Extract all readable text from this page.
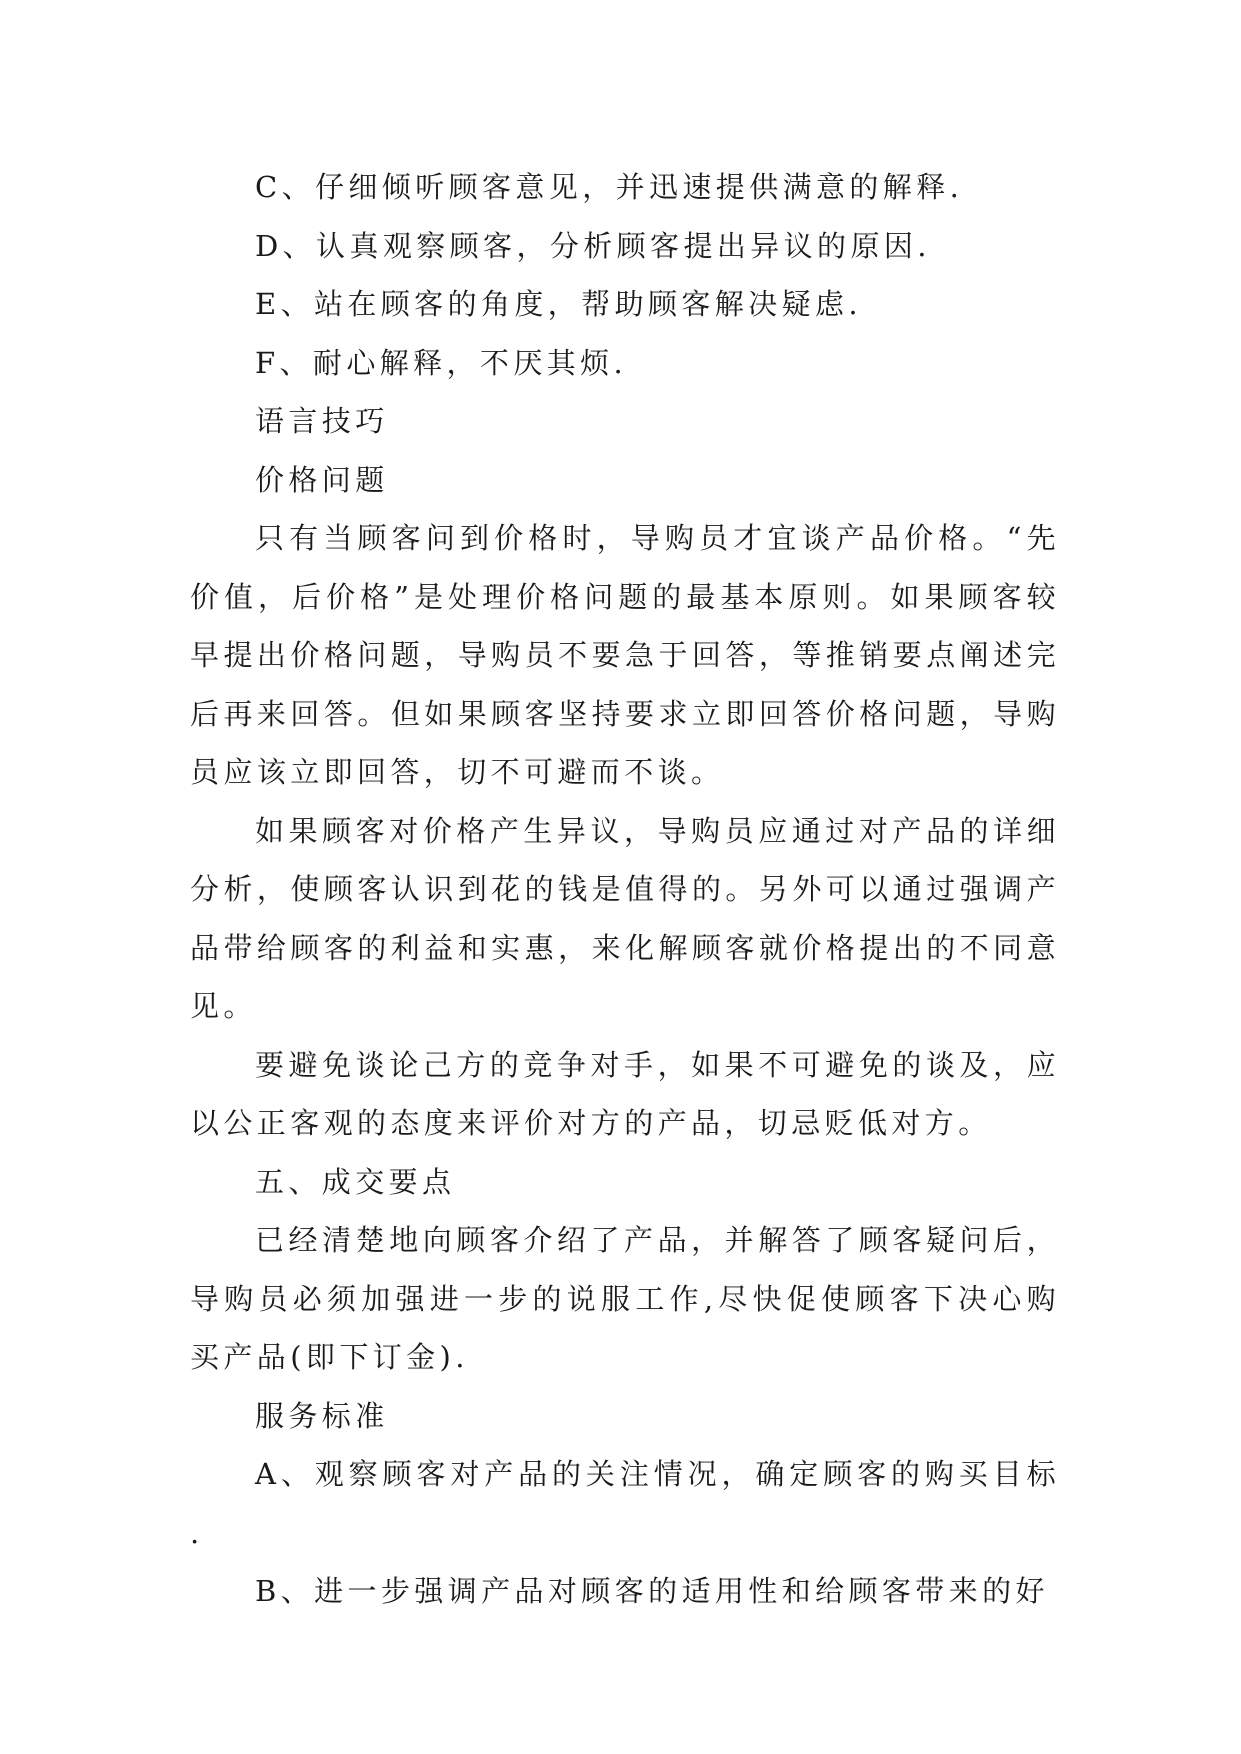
C、仔细倾听顾客意见，并迅速提供满意的解释.

D、认真观察顾客，分析顾客提出异议的原因.

E、站在顾客的角度，帮助顾客解决疑虑.

F、耐心解释，不厌其烦.

语言技巧

价格问题

只有当顾客问到价格时，导购员才宜谈产品价格。“先价值，后价格”是处理价格问题的最基本原则。如果顾客较早提出价格问题，导购员不要急于回答，等推销要点阐述完后再来回答。但如果顾客坚持要求立即回答价格问题，导购员应该立即回答，切不可避而不谈。

如果顾客对价格产生异议，导购员应通过对产品的详细分析，使顾客认识到花的钱是值得的。另外可以通过强调产品带给顾客的利益和实惠，来化解顾客就价格提出的不同意见。

要避免谈论己方的竞争对手，如果不可避免的谈及，应以公正客观的态度来评价对方的产品，切忌贬低对方。

五、成交要点

已经清楚地向顾客介绍了产品，并解答了顾客疑问后，导购员必须加强进一步的说服工作,尽快促使顾客下决心购买产品(即下订金).

服务标准

A、观察顾客对产品的关注情况，确定顾客的购买目标.

B、进一步强调产品对顾客的适用性和给顾客带来的好
